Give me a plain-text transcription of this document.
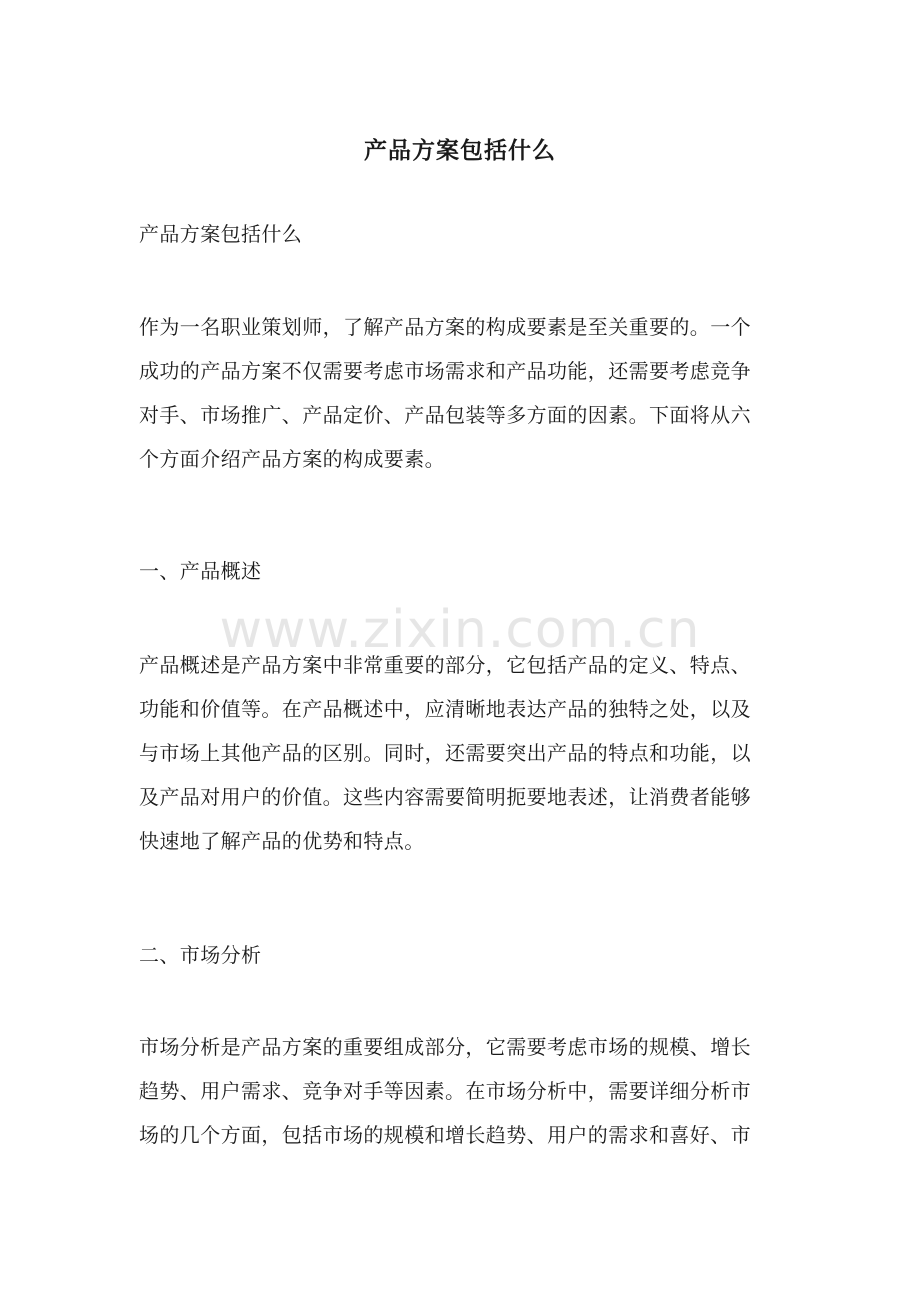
产品方案包括什么

产品方案包括什么

作为一名职业策划师，了解产品方案的构成要素是至关重要的。一个
成功的产品方案不仅需要考虑市场需求和产品功能，还需要考虑竞争
对手、市场推广、产品定价、产品包装等多方面的因素。下面将从六
个方面介绍产品方案的构成要素。

一、产品概述

产品概述是产品方案中非常重要的部分，它包括产品的定义、特点、
功能和价值等。在产品概述中，应清晰地表达产品的独特之处，以及
与市场上其他产品的区别。同时，还需要突出产品的特点和功能，以
及产品对用户的价值。这些内容需要简明扼要地表述，让消费者能够
快速地了解产品的优势和特点。

二、市场分析

市场分析是产品方案的重要组成部分，它需要考虑市场的规模、增长
趋势、用户需求、竞争对手等因素。在市场分析中，需要详细分析市
场的几个方面，包括市场的规模和增长趋势、用户的需求和喜好、市

www.zixin.com.cn
